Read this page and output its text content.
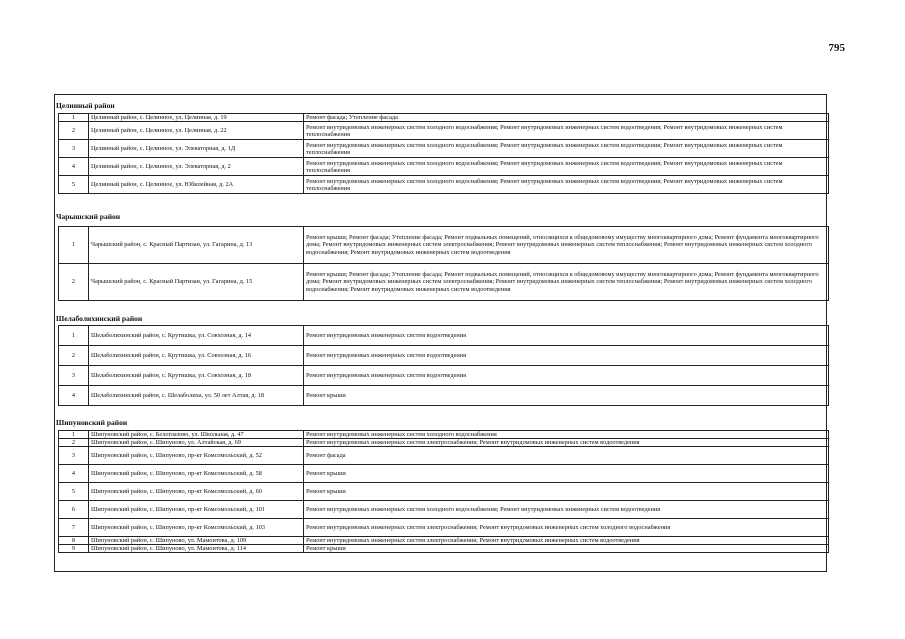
795
Целинный район
1	Целинный район, с. Целинное, ул. Целинная, д. 19	Ремонт фасада; Утепление фасада
2	Целинный район, с. Целинное, ул. Целинная, д. 22	Ремонт внутридомовых инженерных систем холодного водоснабжения; Ремонт внутридомовых инженерных систем водоотведения; Ремонт внутридомовых инженерных систем теплоснабжения
3	Целинный район, с. Целинное, ул. Элеваторная, д. 1Д	Ремонт внутридомовых инженерных систем холодного водоснабжения; Ремонт внутридомовых инженерных систем водоотведения; Ремонт внутридомовых инженерных систем теплоснабжения
4	Целинный район, с. Целинное, ул. Элеваторная, д. 2	Ремонт внутридомовых инженерных систем холодного водоснабжения; Ремонт внутридомовых инженерных систем водоотведения; Ремонт внутридомовых инженерных систем теплоснабжения
5	Целинный район, с. Целинное, ул. Юбилейная, д. 2А	Ремонт внутридомовых инженерных систем холодного водоснабжения; Ремонт внутридомовых инженерных систем водоотведения; Ремонт внутридомовых инженерных систем теплоснабжения
Чарышский район
1	Чарышский район, с. Красный Партизан, ул. Гагарина, д. 13	Ремонт крыши; Ремонт фасада; Утепление фасада; Ремонт подвальных помещений, относящихся к общедомовому имуществу многоквартирного дома; Ремонт фундамента многоквартирного дома; Ремонт внутридомовых инженерных систем электроснабжения; Ремонт внутридомовых инженерных систем теплоснабжения; Ремонт внутридомовых инженерных систем холодного водоснабжения; Ремонт внутридомовых инженерных систем водоотведения
2	Чарышский район, с. Красный Партизан, ул. Гагарина, д. 15	Ремонт крыши; Ремонт фасада; Утепление фасада; Ремонт подвальных помещений, относящихся к общедомовому имуществу многоквартирного дома; Ремонт фундамента многоквартирного дома; Ремонт внутридомовых инженерных систем электроснабжения; Ремонт внутридомовых инженерных систем теплоснабжения; Ремонт внутридомовых инженерных систем холодного водоснабжения; Ремонт внутридомовых инженерных систем водоотведения
Шелаболихинский район
1	Шелаболихинский район, с. Крутишка, ул. Совхозная, д. 14	Ремонт внутридомовых инженерных систем водоотведения
2	Шелаболихинский район, с. Крутишка, ул. Совхозная, д. 16	Ремонт внутридомовых инженерных систем водоотведения
3	Шелаболихинский район, с. Крутишка, ул. Совхозная, д. 18	Ремонт внутридомовых инженерных систем водоотведения
4	Шелаболихинский район, с. Шелаболиха, ул. 50 лет Алтая, д. 18	Ремонт крыши
Шипуновский район
1	Шипуновский район, с. Белоглазово, ул. Школьная, д. 47	Ремонт внутридомовых инженерных систем холодного водоснабжения
2	Шипуновский район, с. Шипуново, ул. Алтайская, д. 69	Ремонт внутридомовых инженерных систем электроснабжения; Ремонт внутридомовых инженерных систем водоотведения
3	Шипуновский район, с. Шипуново, пр-кт Комсомольский, д. 52	Ремонт фасада
4	Шипуновский район, с. Шипуново, пр-кт Комсомольский, д. 58	Ремонт крыши
5	Шипуновский район, с. Шипуново, пр-кт Комсомольский, д. 60	Ремонт крыши
6	Шипуновский район, с. Шипуново, пр-кт Комсомольский, д. 101	Ремонт внутридомовых инженерных систем холодного водоснабжения; Ремонт внутридомовых инженерных систем водоотведения
7	Шипуновский район, с. Шипуново, пр-кт Комсомольский, д. 103	Ремонт внутридомовых инженерных систем электроснабжения; Ремонт внутридомовых инженерных систем холодного водоснабжения
8	Шипуновский район, с. Шипуново, ул. Мамонтова, д. 109	Ремонт внутридомовых инженерных систем электроснабжения; Ремонт внутридомовых инженерных систем водоотведения
9	Шипуновский район, с. Шипуново, ул. Мамонтова, д. 114	Ремонт крыши
